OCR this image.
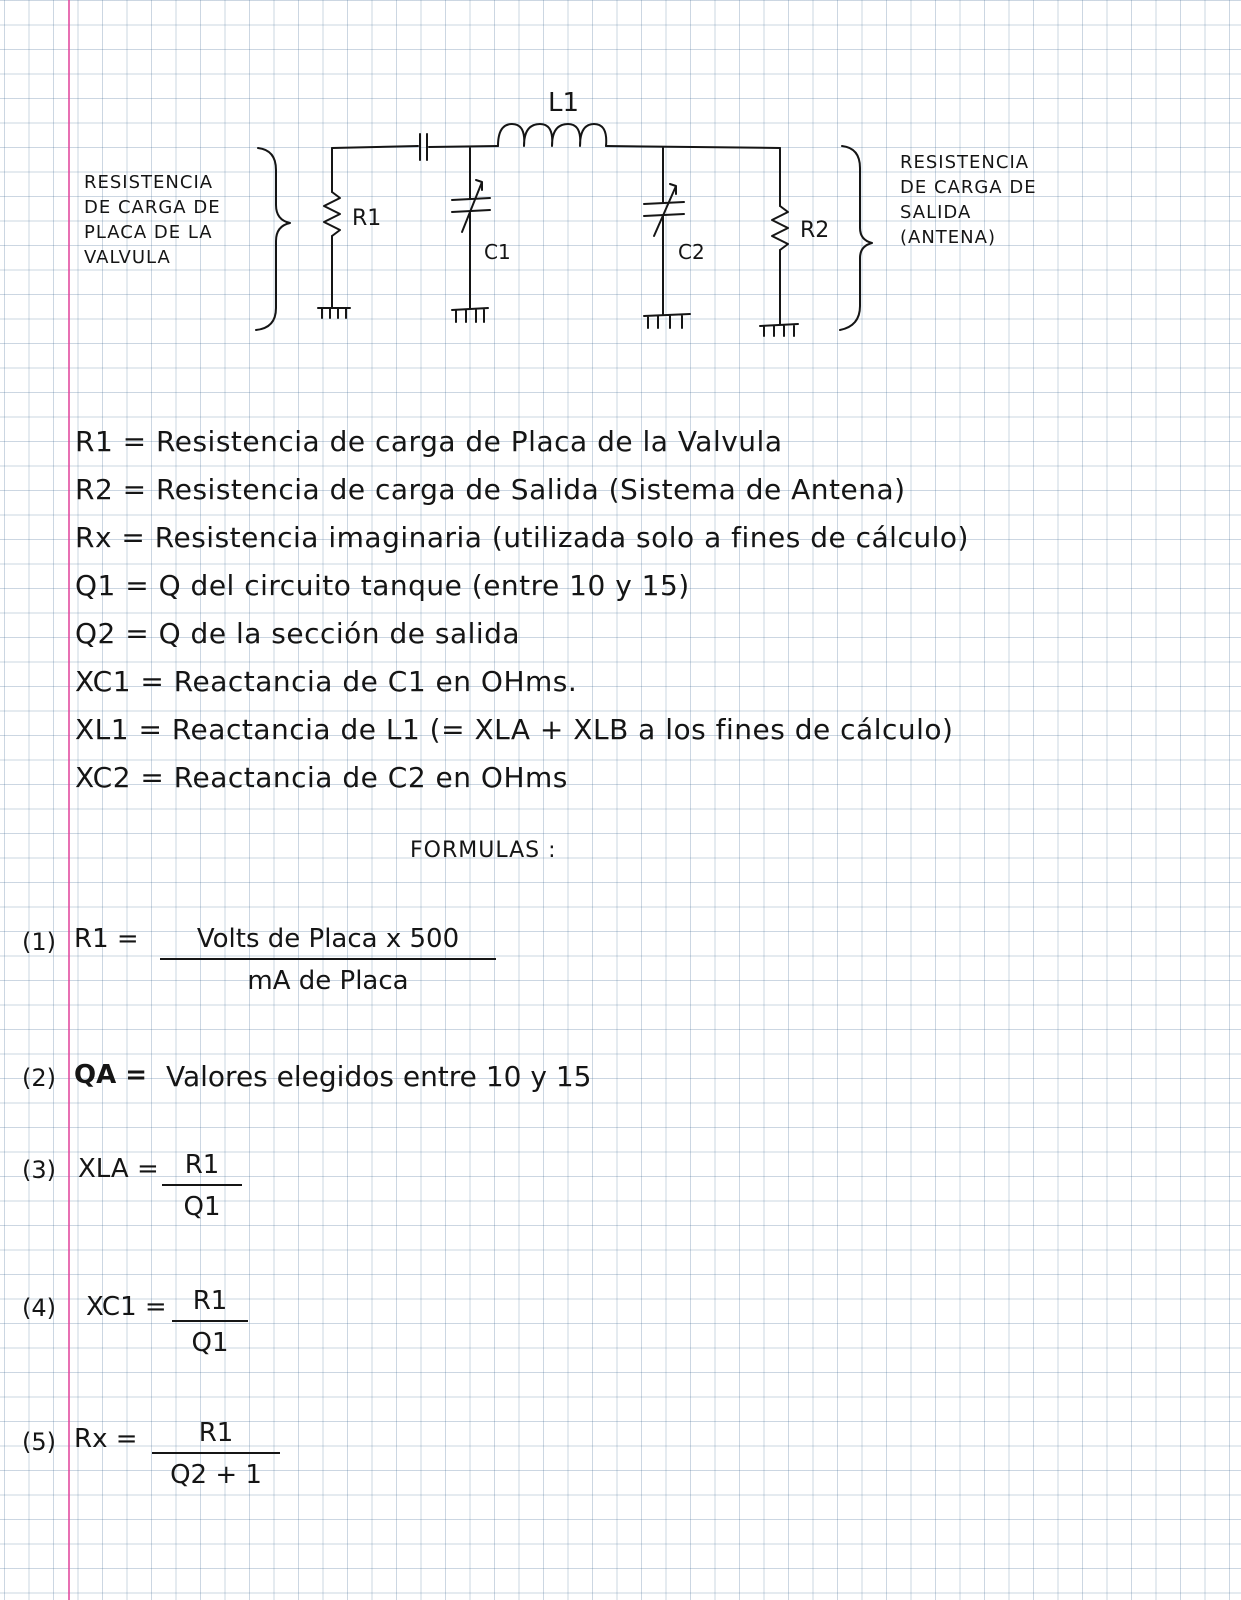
L1
R1
C1	C2
R2
RESISTENCIA
DE CARGA DE
PLACA DE LA
VALVULA
RESISTENCIA
DE CARGA DE
SALIDA
(ANTENA)
R1 = Resistencia de carga de Placa de la Valvula
R2 = Resistencia de carga de Salida (Sistema de Antena)
Rx = Resistencia imaginaria (utilizada solo a fines de cálculo)
Q1 = Q del circuito tanque (entre 10 y 15)
Q2 = Q de la sección de salida
XC1 = Reactancia de C1 en OHms.
XL1 = Reactancia de L1 (= XLA + XLB a los fines de cálculo)
XC2 = Reactancia de C2 en OHms
FORMULAS :
(1) R1 =	Volts de Placa x 500
mA de Placa
(2) QA = Valores elegidos entre 10 y 15
(3) XLA = $\frac{R1}{Q1}$
(4) $XC1 = \frac{R1}{Q1}$
(5) $Rx = \frac{R1}{Q2 + 1}$
